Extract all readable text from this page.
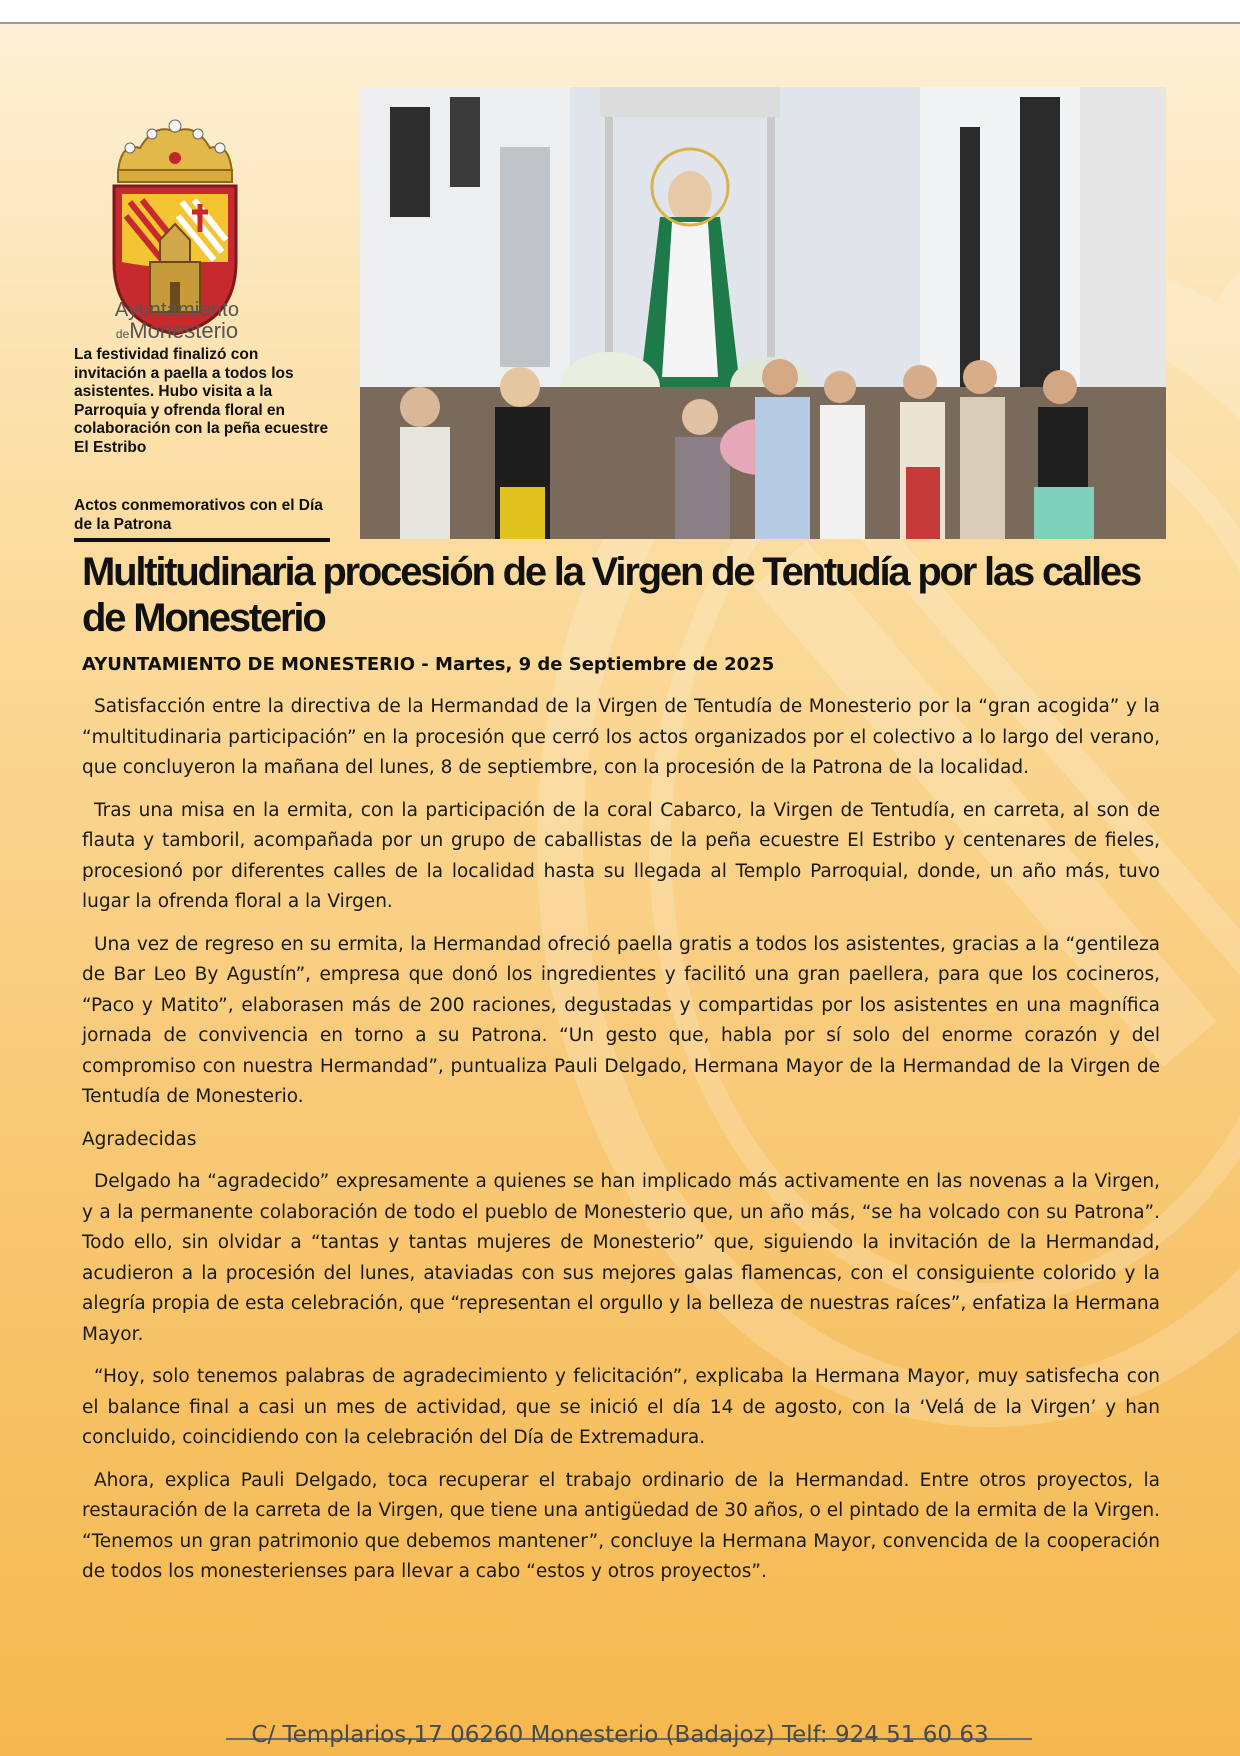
Ayuntamiento
deMonesterio
La festividad finalizó con invitación a paella a todos los asistentes. Hubo visita a la Parroquia y ofrenda floral en colaboración con la peña ecuestre El Estribo
Actos conmemorativos con el Día de la Patrona
Multitudinaria procesión de la Virgen de Tentudía por las calles de Monesterio
AYUNTAMIENTO DE MONESTERIO - Martes, 9 de Septiembre de 2025

Satisfacción entre la directiva de la Hermandad de la Virgen de Tentudía de Monesterio por la “gran acogida” y la “multitudinaria participación” en la procesión que cerró los actos organizados por el colectivo a lo largo del verano, que concluyeron la mañana del lunes, 8 de septiembre, con la procesión de la Patrona de la localidad.

Tras una misa en la ermita, con la participación de la coral Cabarco, la Virgen de Tentudía, en carreta, al son de flauta y tamboril, acompañada por un grupo de caballistas de la peña ecuestre El Estribo y centenares de fieles, procesionó por diferentes calles de la localidad hasta su llegada al Templo Parroquial, donde, un año más, tuvo lugar la ofrenda floral a la Virgen.

Una vez de regreso en su ermita, la Hermandad ofreció paella gratis a todos los asistentes, gracias a la “gentileza de Bar Leo By Agustín”, empresa que donó los ingredientes y facilitó una gran paellera, para que los cocineros, “Paco y Matito”, elaborasen más de 200 raciones, degustadas y compartidas por los asistentes en una magnífica jornada de convivencia en torno a su Patrona. “Un gesto que, habla por sí solo del enorme corazón y del compromiso con nuestra Hermandad”, puntualiza Pauli Delgado, Hermana Mayor de la Hermandad de la Virgen de Tentudía de Monesterio.

Agradecidas

Delgado ha “agradecido” expresamente a quienes se han implicado más activamente en las novenas a la Virgen, y a la permanente colaboración de todo el pueblo de Monesterio que, un año más, “se ha volcado con su Patrona”. Todo ello, sin olvidar a “tantas y tantas mujeres de Monesterio” que, siguiendo la invitación de la Hermandad, acudieron a la procesión del lunes, ataviadas con sus mejores galas flamencas, con el consiguiente colorido y la alegría propia de esta celebración, que “representan el orgullo y la belleza de nuestras raíces”, enfatiza la Hermana Mayor.

“Hoy, solo tenemos palabras de agradecimiento y felicitación”, explicaba la Hermana Mayor, muy satisfecha con el balance final a casi un mes de actividad, que se inició el día 14 de agosto, con la ‘Velá de la Virgen’ y han concluido, coincidiendo con la celebración del Día de Extremadura.

Ahora, explica Pauli Delgado, toca recuperar el trabajo ordinario de la Hermandad. Entre otros proyectos, la restauración de la carreta de la Virgen, que tiene una antigüedad de 30 años, o el pintado de la ermita de la Virgen. “Tenemos un gran patrimonio que debemos mantener”, concluye la Hermana Mayor, convencida de la cooperación de todos los monesterienses para llevar a cabo “estos y otros proyectos”.

C/ Templarios,17 06260 Monesterio (Badajoz) Telf: 924 51 60 63
